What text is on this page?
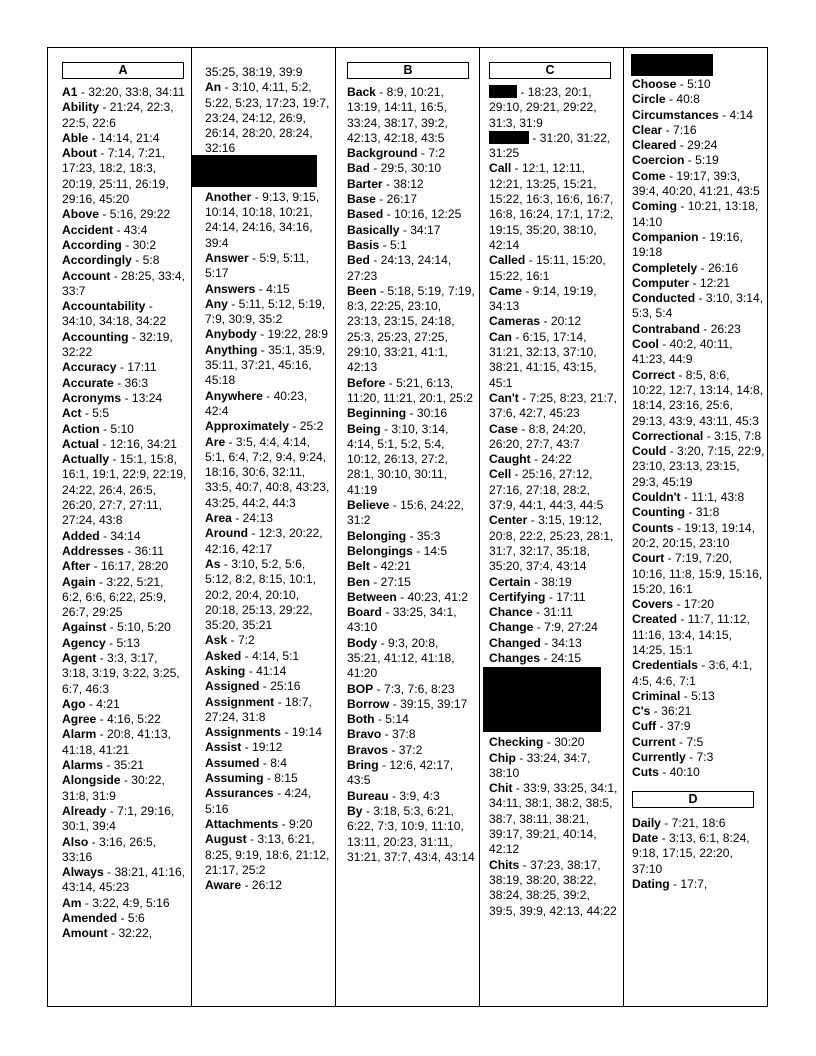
A
A1 - 32:20, 33:8, 34:11
Ability - 21:24, 22:3, 22:5, 22:6
Able - 14:14, 21:4
About - 7:14, 7:21, 17:23, 18:2, 18:3, 20:19, 25:11, 26:19, 29:16, 45:20
Above - 5:16, 29:22
Accident - 43:4
According - 30:2
Accordingly - 5:8
Account - 28:25, 33:4, 33:7
Accountability - 34:10, 34:18, 34:22
Accounting - 32:19, 32:22
Accuracy - 17:11
Accurate - 36:3
Acronyms - 13:24
Act - 5:5
Action - 5:10
Actual - 12:16, 34:21
Actually - 15:1, 15:8, 16:1, 19:1, 22:9, 22:19, 24:22, 26:4, 26:5, 26:20, 27:7, 27:11, 27:24, 43:8
Added - 34:14
Addresses - 36:11
After - 16:17, 28:20
Again - 3:22, 5:21, 6:2, 6:6, 6:22, 25:9, 26:7, 29:25
Against - 5:10, 5:20
Agency - 5:13
Agent - 3:3, 3:17, 3:18, 3:19, 3:22, 3:25, 6:7, 46:3
Ago - 4:21
Agree - 4:16, 5:22
Alarm - 20:8, 41:13, 41:18, 41:21
Alarms - 35:21
Alongside - 30:22, 31:8, 31:9
Already - 7:1, 29:16, 30:1, 39:4
Also - 3:16, 26:5, 33:16
Always - 38:21, 41:16, 43:14, 45:23
Am - 3:22, 4:9, 5:16
Amended - 5:6
Amount - 32:22,
35:25, 38:19, 39:9
An - 3:10, 4:11, 5:2, 5:22, 5:23, 17:23, 19:7, 23:24, 24:12, 26:9, 26:14, 28:20, 28:24, 32:16
Another - 9:13, 9:15, 10:14, 10:18, 10:21, 24:14, 24:16, 34:16, 39:4
Answer - 5:9, 5:11, 5:17
Answers - 4:15
Any - 5:11, 5:12, 5:19, 7:9, 30:9, 35:2
Anybody - 19:22, 28:9
Anything - 35:1, 35:9, 35:11, 37:21, 45:16, 45:18
Anywhere - 40:23, 42:4
Approximately - 25:2
Are - 3:5, 4:4, 4:14, 5:1, 6:4, 7:2, 9:4, 9:24, 18:16, 30:6, 32:11, 33:5, 40:7, 40:8, 43:23, 43:25, 44:2, 44:3
Area - 24:13
Around - 12:3, 20:22, 42:16, 42:17
As - 3:10, 5:2, 5:6, 5:12, 8:2, 8:15, 10:1, 20:2, 20:4, 20:10, 20:18, 25:13, 29:22, 35:20, 35:21
Ask - 7:2
Asked - 4:14, 5:1
Asking - 41:14
Assigned - 25:16
Assignment - 18:7, 27:24, 31:8
Assignments - 19:14
Assist - 19:12
Assumed - 8:4
Assuming - 8:15
Assurances - 4:24, 5:16
Attachments - 9:20
August - 3:13, 6:21, 8:25, 9:19, 18:6, 21:12, 21:17, 25:2
Aware - 26:12
B
Back - 8:9, 10:21, 13:19, 14:11, 16:5, 33:24, 38:17, 39:2, 42:13, 42:18, 43:5
Background - 7:2
Bad - 29:5, 30:10
Barter - 38:12
Base - 26:17
Based - 10:16, 12:25
Basically - 34:17
Basis - 5:1
Bed - 24:13, 24:14, 27:23
Been - 5:18, 5:19, 7:19, 8:3, 22:25, 23:10, 23:13, 23:15, 24:18, 25:3, 25:23, 27:25, 29:10, 33:21, 41:1, 42:13
Before - 5:21, 6:13, 11:20, 11:21, 20:1, 25:2
Beginning - 30:16
Being - 3:10, 3:14, 4:14, 5:1, 5:2, 5:4, 10:12, 26:13, 27:2, 28:1, 30:10, 30:11, 41:19
Believe - 15:6, 24:22, 31:2
Belonging - 35:3
Belongings - 14:5
Belt - 42:21
Ben - 27:15
Between - 40:23, 41:2
Board - 33:25, 34:1, 43:10
Body - 9:3, 20:8, 35:21, 41:12, 41:18, 41:20
BOP - 7:3, 7:6, 8:23
Borrow - 39:15, 39:17
Both - 5:14
Bravo - 37:8
Bravos - 37:2
Bring - 12:6, 42:17, 43:5
Bureau - 3:9, 4:3
By - 3:18, 5:3, 6:21, 6:22, 7:3, 10:9, 11:10, 13:11, 20:23, 31:11, 31:21, 37:7, 43:4, 43:14
C
- 18:23, 20:1, 29:10, 29:21, 29:22, 31:3, 31:9
- 31:20, 31:22, 31:25
Call - 12:1, 12:11, 12:21, 13:25, 15:21, 15:22, 16:3, 16:6, 16:7, 16:8, 16:24, 17:1, 17:2, 19:15, 35:20, 38:10, 42:14
Called - 15:11, 15:20, 15:22, 16:1
Came - 9:14, 19:19, 34:13
Cameras - 20:12
Can - 6:15, 17:14, 31:21, 32:13, 37:10, 38:21, 41:15, 43:15, 45:1
Can't - 7:25, 8:23, 21:7, 37:6, 42:7, 45:23
Case - 8:8, 24:20, 26:20, 27:7, 43:7
Caught - 24:22
Cell - 25:16, 27:12, 27:16, 27:18, 28:2, 37:9, 44:1, 44:3, 44:5
Center - 3:15, 19:12, 20:8, 22:2, 25:23, 28:1, 31:7, 32:17, 35:18, 35:20, 37:4, 43:14
Certain - 38:19
Certifying - 17:11
Chance - 31:11
Change - 7:9, 27:24
Changed - 34:13
Changes - 24:15
Checking - 30:20
Chip - 33:24, 34:7, 38:10
Chit - 33:9, 33:25, 34:1, 34:11, 38:1, 38:2, 38:5, 38:7, 38:11, 38:21, 39:17, 39:21, 40:14, 42:12
Chits - 37:23, 38:17, 38:19, 38:20, 38:22, 38:24, 38:25, 39:2, 39:5, 39:9, 42:13, 44:22
Choose - 5:10
Circle - 40:8
Circumstances - 4:14
Clear - 7:16
Cleared - 29:24
Coercion - 5:19
Come - 19:17, 39:3, 39:4, 40:20, 41:21, 43:5
Coming - 10:21, 13:18, 14:10
Companion - 19:16, 19:18
Completely - 26:16
Computer - 12:21
Conducted - 3:10, 3:14, 5:3, 5:4
Contraband - 26:23
Cool - 40:2, 40:11, 41:23, 44:9
Correct - 8:5, 8:6, 10:22, 12:7, 13:14, 14:8, 18:14, 23:16, 25:6, 29:13, 43:9, 43:11, 45:3
Correctional - 3:15, 7:8
Could - 3:20, 7:15, 22:9, 23:10, 23:13, 23:15, 29:3, 45:19
Couldn't - 11:1, 43:8
Counting - 31:8
Counts - 19:13, 19:14, 20:2, 20:15, 23:10
Court - 7:19, 7:20, 10:16, 11:8, 15:9, 15:16, 15:20, 16:1
Covers - 17:20
Created - 11:7, 11:12, 11:16, 13:4, 14:15, 14:25, 15:1
Credentials - 3:6, 4:1, 4:5, 4:6, 7:1
Criminal - 5:13
C's - 36:21
Cuff - 37:9
Current - 7:5
Currently - 7:3
Cuts - 40:10
D
Daily - 7:21, 18:6
Date - 3:13, 6:1, 8:24, 9:18, 17:15, 22:20, 37:10
Dating - 17:7,
